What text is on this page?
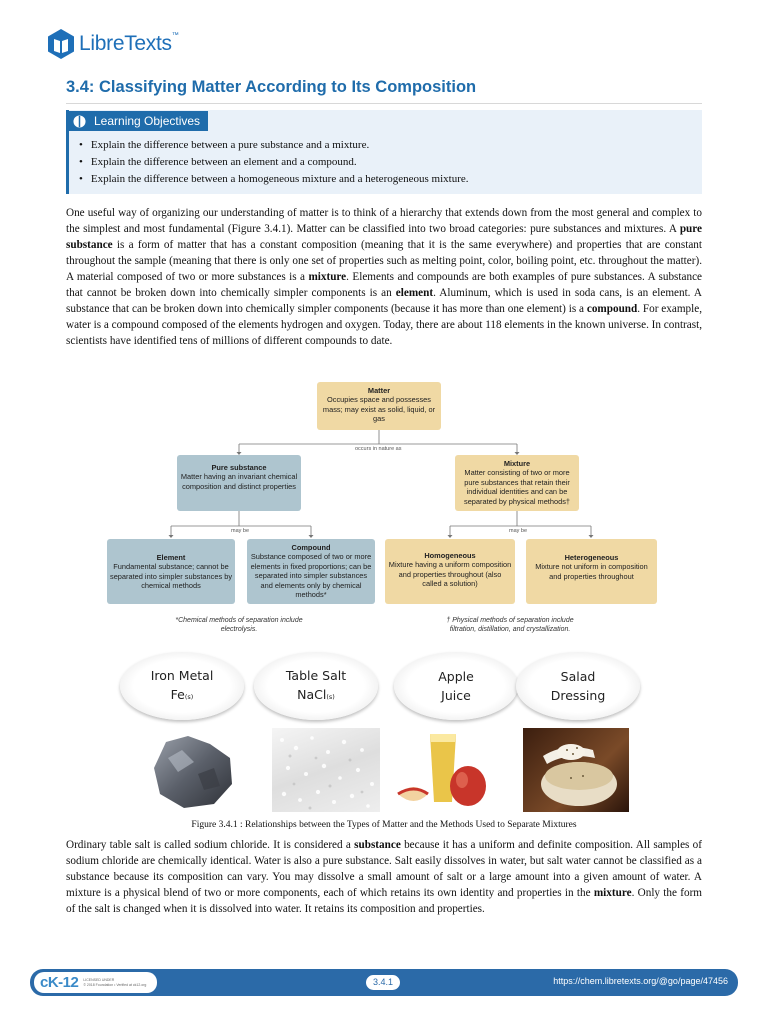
LibreTexts™
3.4: Classifying Matter According to Its Composition
Learning Objectives
• Explain the difference between a pure substance and a mixture.
• Explain the difference between an element and a compound.
• Explain the difference between a homogeneous mixture and a heterogeneous mixture.

One useful way of organizing our understanding of matter is to think of a hierarchy that extends down from the most general and complex to the simplest and most fundamental (Figure 3.4.1). Matter can be classified into two broad categories: pure substances and mixtures. A pure substance is a form of matter that has a constant composition (meaning that it is the same everywhere) and properties that are constant throughout the sample (meaning that there is only one set of properties such as melting point, color, boiling point, etc. throughout the matter). A material composed of two or more substances is a mixture. Elements and compounds are both examples of pure substances. A substance that cannot be broken down into chemically simpler components is an element. Aluminum, which is used in soda cans, is an element. A substance that can be broken down into chemically simpler components (because it has more than one element) is a compound. For example, water is a compound composed of the elements hydrogen and oxygen. Today, there are about 118 elements in the known universe. In contrast, scientists have identified tens of millions of different compounds to date.

Matter
Occupies space and possesses mass; may exist as solid, liquid, or gas
occurs in nature as
Pure substance
Matter having an invariant chemical composition and distinct properties
Mixture
Matter consisting of two or more pure substances that retain their individual identities and can be separated by physical methods†
may be	may be
Element
Fundamental substance; cannot be separated into simpler substances by chemical methods
Compound
Substance composed of two or more elements in fixed proportions; can be separated into simpler substances and elements only by chemical methods*
Homogeneous
Mixture having a uniform composition and properties throughout (also called a solution)
Heterogeneous
Mixture not uniform in composition and properties throughout
*Chemical methods of separation include electrolysis.
† Physical methods of separation include filtration, distillation, and crystallization.
Iron Metal
Fe(s)
Table Salt
NaCl(s)
Apple
Juice
Salad
Dressing
Figure 3.4.1 : Relationships between the Types of Matter and the Methods Used to Separate Mixtures

Ordinary table salt is called sodium chloride. It is considered a substance because it has a uniform and definite composition. All samples of sodium chloride are chemically identical. Water is also a pure substance. Salt easily dissolves in water, but salt water cannot be classified as a substance because its composition can vary. You may dissolve a small amount of salt or a large amount into a given amount of water. A mixture is a physical blend of two or more components, each of which retains its own identity and properties in the mixture. Only the form of the salt is changed when it is dissolved into water. It retains its composition and properties.

cK-12 LICENSED UNDER
© 2018 Foundation • Verified at ck12.org	3.4.1	https://chem.libretexts.org/@go/page/47456
